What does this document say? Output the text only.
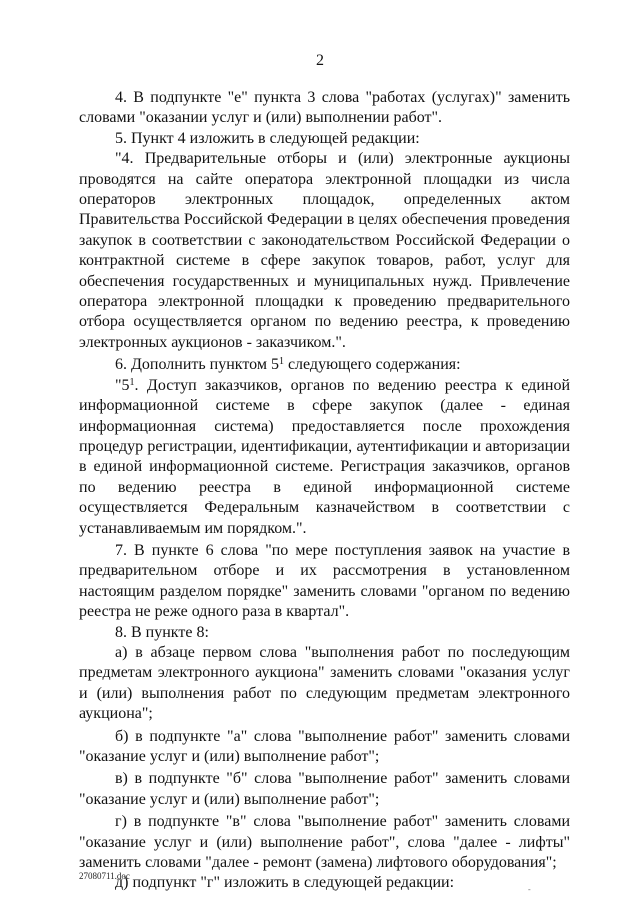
2

4. В подпункте "е" пункта 3 слова "работах (услугах)" заменить словами "оказании услуг и (или) выполнении работ".

5. Пункт 4 изложить в следующей редакции:

"4. Предварительные отборы и (или) электронные аукционы проводятся на сайте оператора электронной площадки из числа операторов электронных площадок, определенных актом Правительства Российской Федерации в целях обеспечения проведения закупок в соответствии с законодательством Российской Федерации о контрактной системе в сфере закупок товаров, работ, услуг для обеспечения государственных и муниципальных нужд. Привлечение оператора электронной площадки к проведению предварительного отбора осуществляется органом по ведению реестра, к проведению электронных аукционов - заказчиком.".

6. Дополнить пунктом $5^1$ следующего содержания:

"$5^1$. Доступ заказчиков, органов по ведению реестра к единой информационной системе в сфере закупок (далее - единая информационная система) предоставляется после прохождения процедур регистрации, идентификации, аутентификации и авторизации в единой информационной системе. Регистрация заказчиков, органов по ведению реестра в единой информационной системе осуществляется Федеральным казначейством в соответствии с устанавливаемым им порядком.".

7. В пункте 6 слова "по мере поступления заявок на участие в предварительном отборе и их рассмотрения в установленном настоящим разделом порядке" заменить словами "органом по ведению реестра не реже одного раза в квартал".

8. В пункте 8:

а) в абзаце первом слова "выполнения работ по последующим предметам электронного аукциона" заменить словами "оказания услуг и (или) выполнения работ по следующим предметам электронного аукциона";

б) в подпункте "а" слова "выполнение работ" заменить словами "оказание услуг и (или) выполнение работ";

в) в подпункте "б" слова "выполнение работ" заменить словами "оказание услуг и (или) выполнение работ";

г) в подпункте "в" слова "выполнение работ" заменить словами "оказание услуг и (или) выполнение работ", слова "далее - лифты" заменить словами "далее - ремонт (замена) лифтового оборудования";

д) подпункт "г" изложить в следующей редакции:

27080711.doc
-
